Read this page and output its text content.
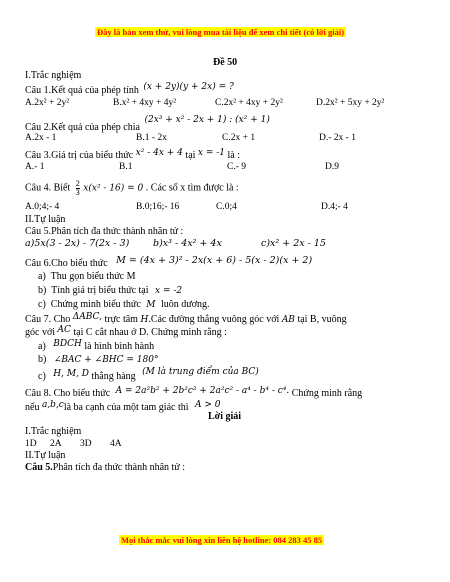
Đây là bản xem thử, vui lòng mua tài liệu để xem chi tiết (có lời giải)
Đề 50
I.Trắc nghiệm
Câu 1.Kết quả của phép tính (x + 2y)(y + 2x) = ?
A.2x² + 2y²	B.x² + 4xy + 4y²	C.2x² + 4xy + 2y²	D.2x² + 5xy + 2y²
Câu 2.Kết quả của phép chia (2x³ + x² - 2x + 1) : (x² + 1)
A.2x - 1	B.1 - 2x	C.2x + 1	D.- 2x - 1
Câu 3.Giá trị của biểu thức x² - 4x + 4 tại x = -1 là :
A.- 1	B.1	C.- 9	D.9
Câu 4. Biết $\frac{2}{3} x(x^2 - 16) = 0$ . Các số x tìm được là :
A.0;4;- 4	B.0;16;- 16	C.0;4	D.4;- 4
II.Tự luận
Câu 5.Phân tích đa thức thành nhân tử :
a)5x(3 - 2x) - 7(2x - 3) b)x³ - 4x² + 4x	c)x² + 2x - 15
Câu 6.Cho biểu thức M = (4x + 3)² - 2x(x + 6) - 5(x - 2)(x + 2)
a) Thu gọn biểu thức M
b) Tính giá trị biểu thức tại x = -2
c) Chứng minh biểu thức M luôn dương.
Câu 7. Cho ΔABC, trực tâm H.Các đường thẳng vuông góc với AB tại B, vuông
góc với AC tại C cắt nhau ở D. Chứng minh rằng :
a) BDCH là hình bình hành
b) ∠BAC + ∠BHC = 180°
c) H, M, D thẳng hàng (M là trung điểm của BC)
Câu 8. Cho biểu thức A = 2a²b² + 2b²c² + 2a²c² - a⁴ - b⁴ - c⁴. Chứng minh rằng
nếu a,b,clà ba cạnh của một tam giác thì A > 0
Lời giải
I.Trắc nghiệm
1D 2A 3D 4A
II.Tự luận
Câu 5.Phân tích đa thức thành nhân tử :
Mọi thắc mắc vui lòng xin liên hệ hotline: 084 283 45 85
